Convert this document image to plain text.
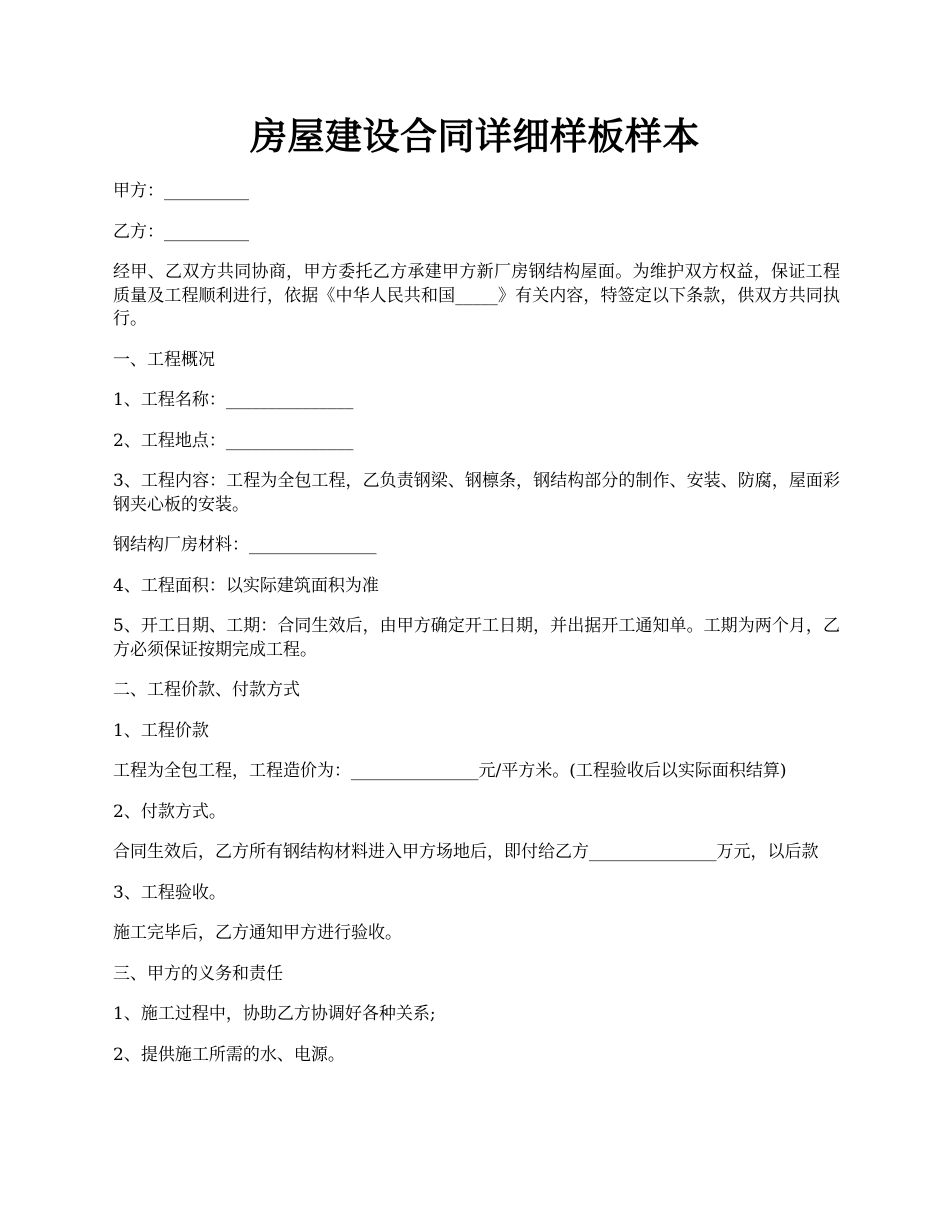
房屋建设合同详细样板样本

甲方：__________

乙方：__________

经甲、乙双方共同协商，甲方委托乙方承建甲方新厂房钢结构屋面。为维护双方权益，保证工程质量及工程顺利进行，依据《中华人民共和国_____》有关内容，特签定以下条款，供双方共同执行。

一、工程概况

1、工程名称：_______________

2、工程地点：_______________

3、工程内容：工程为全包工程，乙负责钢梁、钢檩条，钢结构部分的制作、安装、防腐，屋面彩钢夹心板的安装。

钢结构厂房材料：_______________

4、工程面积：以实际建筑面积为准

5、开工日期、工期：合同生效后，由甲方确定开工日期，并出据开工通知单。工期为两个月，乙方必须保证按期完成工程。

二、工程价款、付款方式

1、工程价款

工程为全包工程，工程造价为：_______________元/平方米。(工程验收后以实际面积结算)

2、付款方式。

合同生效后，乙方所有钢结构材料进入甲方场地后，即付给乙方_______________万元，以后款

3、工程验收。

施工完毕后，乙方通知甲方进行验收。

三、甲方的义务和责任

1、施工过程中，协助乙方协调好各种关系;

2、提供施工所需的水、电源。
